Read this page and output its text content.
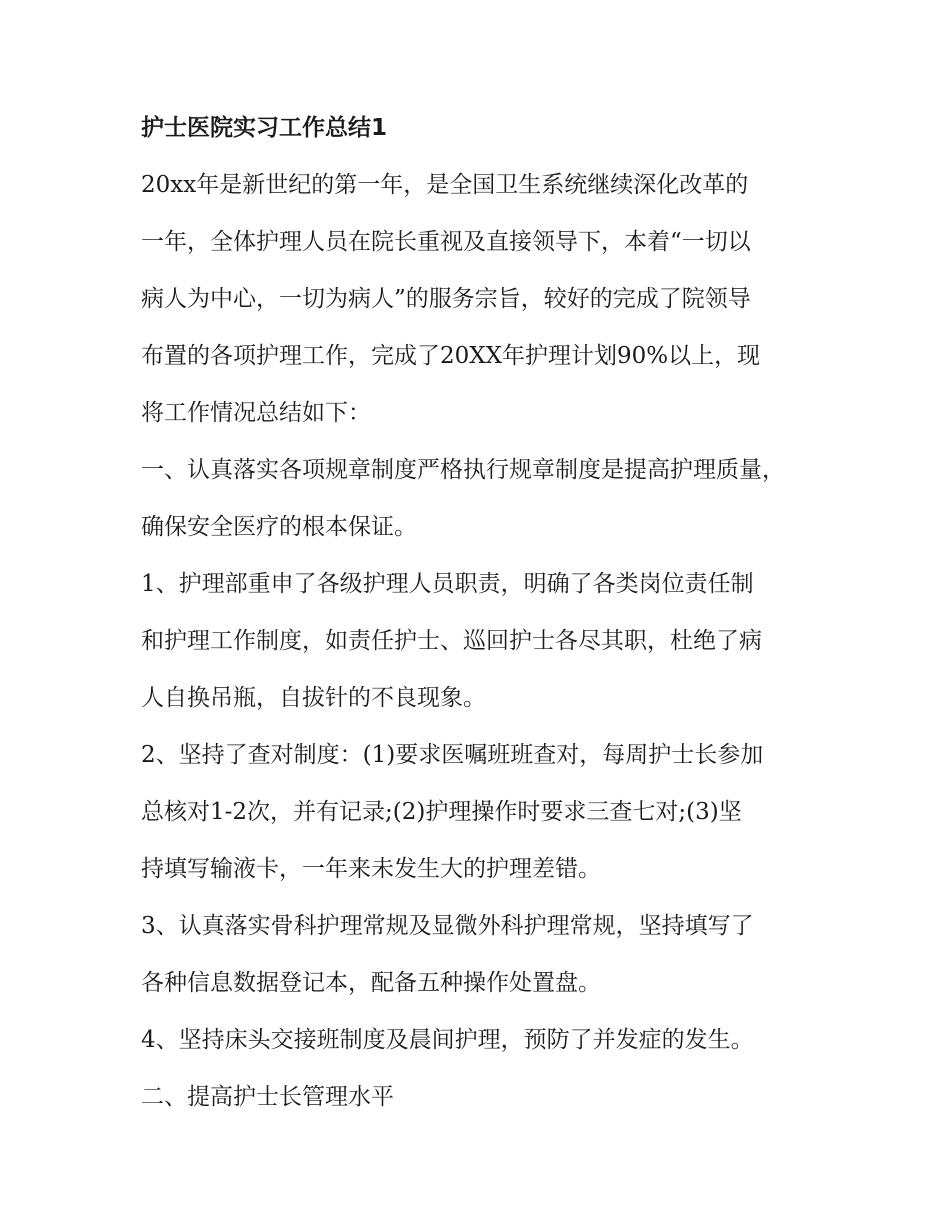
护士医院实习工作总结1

20xx年是新世纪的第一年，是全国卫生系统继续深化改革的

一年，全体护理人员在院长重视及直接领导下，本着“一切以

病人为中心，一切为病人”的服务宗旨，较好的完成了院领导

布置的各项护理工作，完成了20XX年护理计划90%以上，现

将工作情况总结如下：

一、认真落实各项规章制度严格执行规章制度是提高护理质量，

确保安全医疗的根本保证。

1、护理部重申了各级护理人员职责，明确了各类岗位责任制

和护理工作制度，如责任护士、巡回护士各尽其职，杜绝了病

人自换吊瓶，自拔针的不良现象。

2、坚持了查对制度：(1)要求医嘱班班查对，每周护士长参加

总核对1-2次，并有记录;(2)护理操作时要求三查七对;(3)坚

持填写输液卡，一年来未发生大的护理差错。

3、认真落实骨科护理常规及显微外科护理常规，坚持填写了

各种信息数据登记本，配备五种操作处置盘。

4、坚持床头交接班制度及晨间护理，预防了并发症的发生。

二、提高护士长管理水平
